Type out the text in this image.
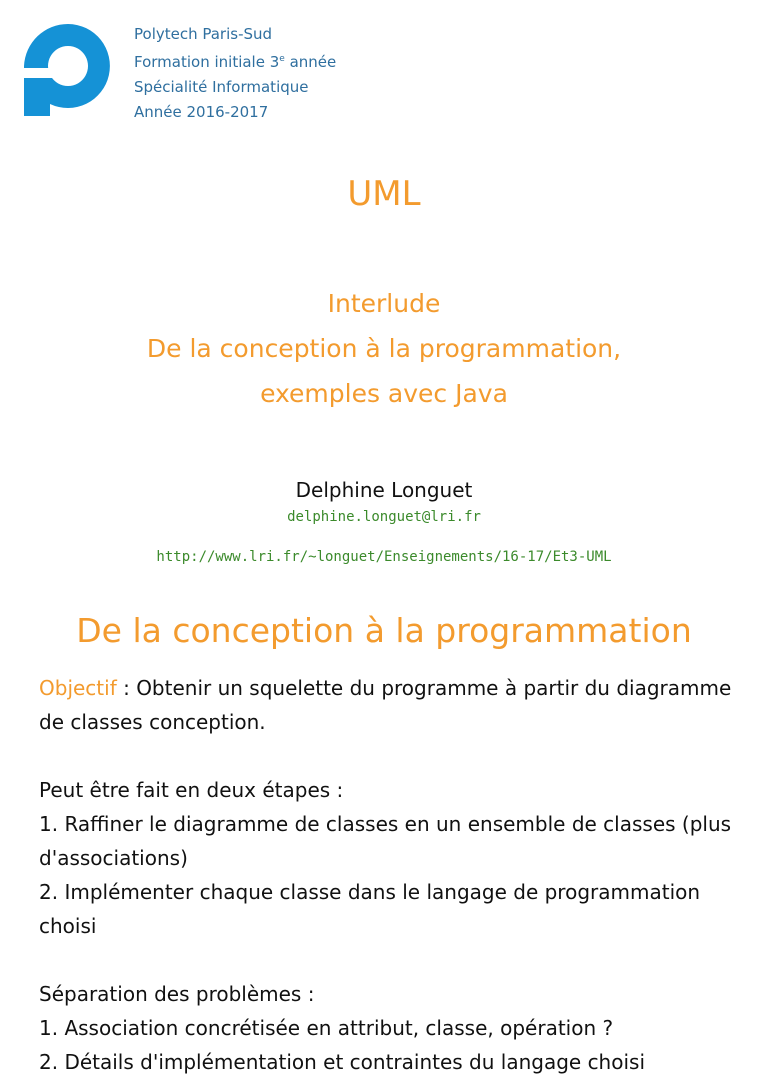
Polytech Paris-Sud
Formation initiale 3e année
Spécialité Informatique
Année 2016-2017
UML
Interlude
De la conception à la programmation,
exemples avec Java
Delphine Longuet
delphine.longuet@lri.fr
http://www.lri.fr/~longuet/Enseignements/16-17/Et3-UML
De la conception à la programmation

Objectif : Obtenir un squelette du programme à partir du diagramme de classes conception.

Peut être fait en deux étapes :

1. Raffiner le diagramme de classes en un ensemble de classes (plus d'associations)

2. Implémenter chaque classe dans le langage de programmation choisi

Séparation des problèmes :

1. Association concrétisée en attribut, classe, opération ?

2. Détails d'implémentation et contraintes du langage choisi
